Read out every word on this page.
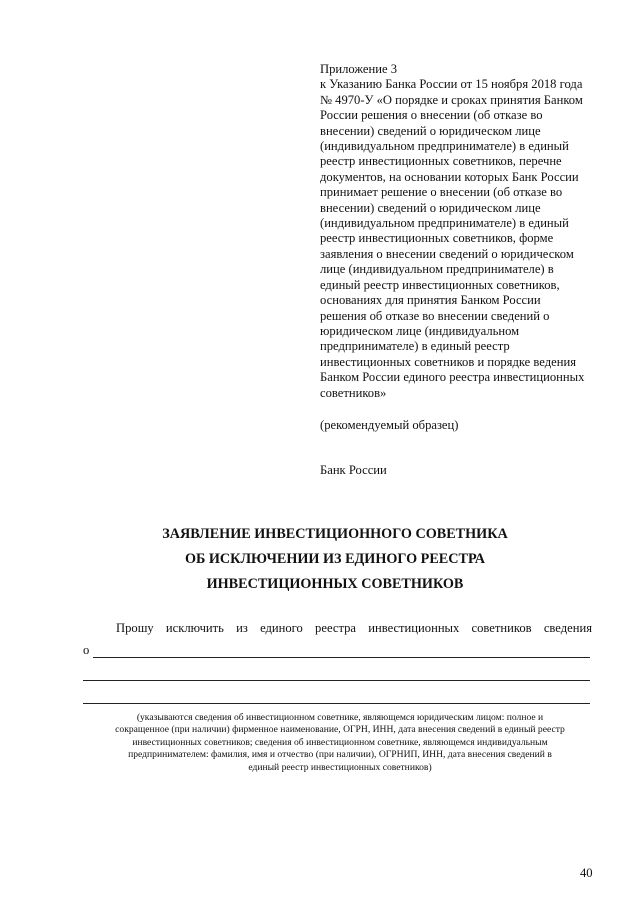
Приложение 3
к Указанию Банка России от 15 ноября 2018 года
№ 4970-У «О порядке и сроках принятия Банком
России решения о внесении (об отказе во
внесении) сведений о юридическом лице
(индивидуальном предпринимателе) в единый
реестр инвестиционных советников, перечне
документов, на основании которых Банк России
принимает решение о внесении (об отказе во
внесении) сведений о юридическом лице
(индивидуальном предпринимателе) в единый
реестр инвестиционных советников, форме
заявления о внесении сведений о юридическом
лице (индивидуальном предпринимателе) в
единый реестр инвестиционных советников,
основаниях для принятия Банком России
решения об отказе во внесении сведений о
юридическом лице (индивидуальном
предпринимателе) в единый реестр
инвестиционных советников и порядке ведения
Банком России единого реестра инвестиционных
советников»
(рекомендуемый образец)
Банк России
ЗАЯВЛЕНИЕ ИНВЕСТИЦИОННОГО СОВЕТНИКА
ОБ ИСКЛЮЧЕНИИ ИЗ ЕДИНОГО РЕЕСТРА
ИНВЕСТИЦИОННЫХ СОВЕТНИКОВ
Прошу исключить из единого реестра инвестиционных советников сведения
о
(указываются сведения об инвестиционном советнике, являющемся юридическим лицом: полное и
сокращенное (при наличии) фирменное наименование, ОГРН, ИНН, дата внесения сведений в единый реестр
инвестиционных советников; сведения об инвестиционном советнике, являющемся индивидуальным
предпринимателем: фамилия, имя и отчество (при наличии), ОГРНИП, ИНН, дата внесения сведений в
единый реестр инвестиционных советников)
40
